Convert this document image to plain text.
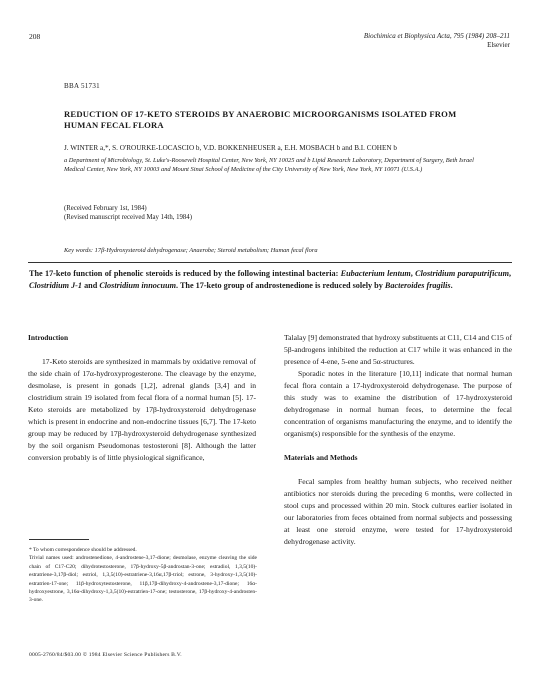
208	Biochimica et Biophysica Acta, 795 (1984) 208–211
Elsevier
BBA 51731
REDUCTION OF 17-KETO STEROIDS BY ANAEROBIC MICROORGANISMS ISOLATED FROM HUMAN FECAL FLORA
J. WINTER a,*, S. O'ROURKE-LOCASCIO b, V.D. BOKKENHEUSER a, E.H. MOSBACH b and B.I. COHEN b
a Department of Microbiology, St. Luke's-Roosevelt Hospital Center, New York, NY 10025 and b Lipid Research Laboratory, Department of Surgery, Beth Israel Medical Center, New York, NY 10003 and Mount Sinai School of Medicine of the City University of New York, New York, NY 10071 (U.S.A.)
(Received February 1st, 1984)
(Revised manuscript received May 14th, 1984)
Key words: 17β-Hydroxysteroid dehydrogenase; Anaerobe; Steroid metabolism; Human fecal flora
The 17-keto function of phenolic steroids is reduced by the following intestinal bacteria: Eubacterium lentum, Clostridium paraputrificum, Clostridium J-1 and Clostridium innocuum. The 17-keto group of androstenedione is reduced solely by Bacteroides fragilis.

Introduction

17-Keto steroids are synthesized in mammals by oxidative removal of the side chain of 17α-hydroxyprogesterone. The cleavage by the enzyme, desmolase, is present in gonads [1,2], adrenal glands [3,4] and in clostridium strain 19 isolated from fecal flora of a normal human [5]. 17-Keto steroids are metabolized by 17β-hydroxysteroid dehydrogenase which is present in endocrine and non-endocrine tissues [6,7]. The 17-keto group may be reduced by 17β-hydroxysteroid dehydrogenase synthesized by the soil organism Pseudomonas testosteroni [8]. Although the latter conversion probably is of little physiological significance,

Talalay [9] demonstrated that hydroxy substituents at C11, C14 and C15 of 5β-androgens inhibited the reduction at C17 while it was enhanced in the presence of 4-ene, 5-ene and 5α-structures.

Sporadic notes in the literature [10,11] indicate that normal human fecal flora contain a 17-hydroxysteroid dehydrogenase. The purpose of this study was to examine the distribution of 17-hydroxysteroid dehydrogenase in normal human feces, to determine the fecal concentration of organisms manufacturing the enzyme, and to identify the organism(s) responsible for the synthesis of the enzyme.

Materials and Methods

Fecal samples from healthy human subjects, who received neither antibiotics nor steroids during the preceding 6 months, were collected in stool cups and processed within 20 min. Stock cultures earlier isolated in our laboratories from feces obtained from normal subjects and possessing at least one steroid enzyme, were tested for 17-hydroxysteroid dehydrogenase activity.

* To whom correspondence should be addressed.
Trivial names used: androstenedione, 4-androstene-3,17-dione; desmolase, enzyme cleaving the side chain of C17-C20; dihydrotestosterone, 17β-hydroxy-5β-androstan-3-one; estradiol, 1,3,5(10)-estratriene-3,17β-diol; estriol, 1,3,5(10)-estratriene-3,16α,17β-triol; estrone, 3-hydroxy-1,3,5(10)-estratrien-17-one; 11β-hydroxytestosterone, 11β,17β-dihydroxy-4-androstene-3,17-dione; 16α-hydroxyestrone, 3,16α-dihydroxy-1,3,5(10)-estratrien-17-one; testosterone, 17β-hydroxy-4-androsten-3-one.
0005-2760/84/$03.00 © 1984 Elsevier Science Publishers B.V.
